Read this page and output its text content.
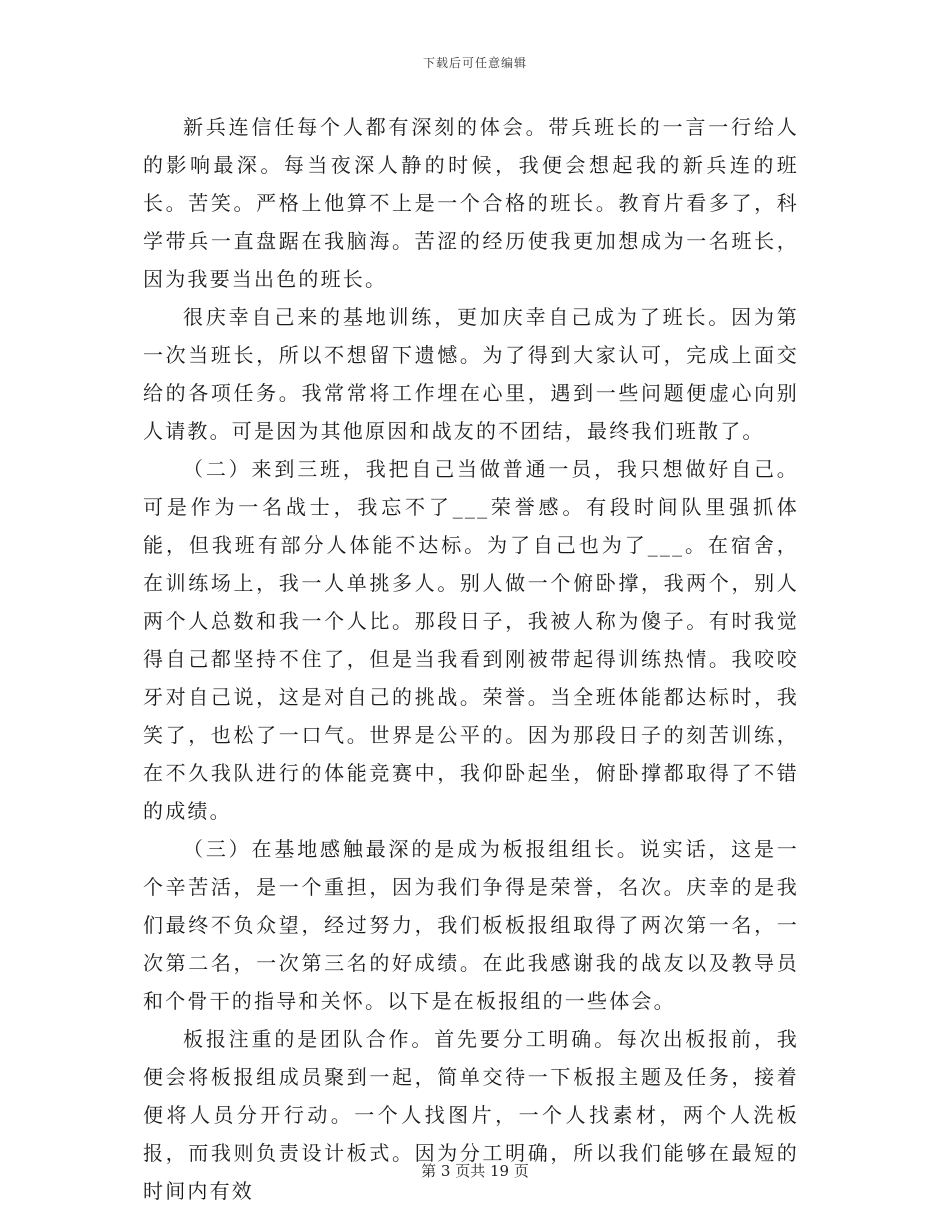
下载后可任意编辑

新兵连信任每个人都有深刻的体会。带兵班长的一言一行给人的影响最深。每当夜深人静的时候，我便会想起我的新兵连的班长。苦笑。严格上他算不上是一个合格的班长。教育片看多了，科学带兵一直盘踞在我脑海。苦涩的经历使我更加想成为一名班长，因为我要当出色的班长。

很庆幸自己来的基地训练，更加庆幸自己成为了班长。因为第一次当班长，所以不想留下遗憾。为了得到大家认可，完成上面交给的各项任务。我常常将工作埋在心里，遇到一些问题便虚心向别人请教。可是因为其他原因和战友的不团结，最终我们班散了。

（二）来到三班，我把自己当做普通一员，我只想做好自己。可是作为一名战士，我忘不了___荣誉感。有段时间队里强抓体能，但我班有部分人体能不达标。为了自己也为了___。在宿舍，在训练场上，我一人单挑多人。别人做一个俯卧撑，我两个，别人两个人总数和我一个人比。那段日子，我被人称为傻子。有时我觉得自己都坚持不住了，但是当我看到刚被带起得训练热情。我咬咬牙对自己说，这是对自己的挑战。荣誉。当全班体能都达标时，我笑了，也松了一口气。世界是公平的。因为那段日子的刻苦训练，在不久我队进行的体能竞赛中，我仰卧起坐，俯卧撑都取得了不错的成绩。

（三）在基地感触最深的是成为板报组组长。说实话，这是一个辛苦活，是一个重担，因为我们争得是荣誉，名次。庆幸的是我们最终不负众望，经过努力，我们板板报组取得了两次第一名，一次第二名，一次第三名的好成绩。在此我感谢我的战友以及教导员和个骨干的指导和关怀。以下是在板报组的一些体会。

板报注重的是团队合作。首先要分工明确。每次出板报前，我便会将板报组成员聚到一起，简单交待一下板报主题及任务，接着便将人员分开行动。一个人找图片，一个人找素材，两个人洗板报，而我则负责设计板式。因为分工明确，所以我们能够在最短的时间内有效

第 3 页共 19 页
